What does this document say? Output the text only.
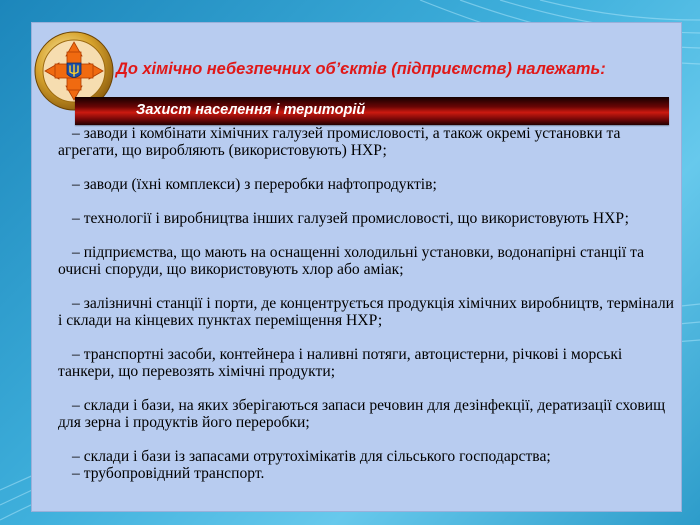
До хімічно небезпечних об’єктів (підприємств) належать:
Захист населення і територій
– заводи і комбінати хімічних галузей промисловості, а також окремі установки та агрегати, що виробляють (використовують) НХР;
– заводи (їхні комплекси) з переробки нафтопродуктів;
– технології і виробництва інших галузей промисловості, що використовують НХР;
– підприємства, що мають на оснащенні холодильні установки, водонапірні станції та очисні споруди, що використовують хлор або аміак;
– залізничні станції і порти, де концентрується продукція хімічних виробництв, термінали і склади на кінцевих пунктах переміщення НХР;
– транспортні засоби, контейнера і наливні потяги, автоцистерни, річкові і морські танкери, що перевозять хімічні продукти;
– склади і бази, на яких зберігаються запаси речовин для дезінфекції, дератизації сховищ для зерна і продуктів його переробки;
– склади і бази із запасами отрутохімікатів для сільського господарства;
– трубопровідний транспорт.
